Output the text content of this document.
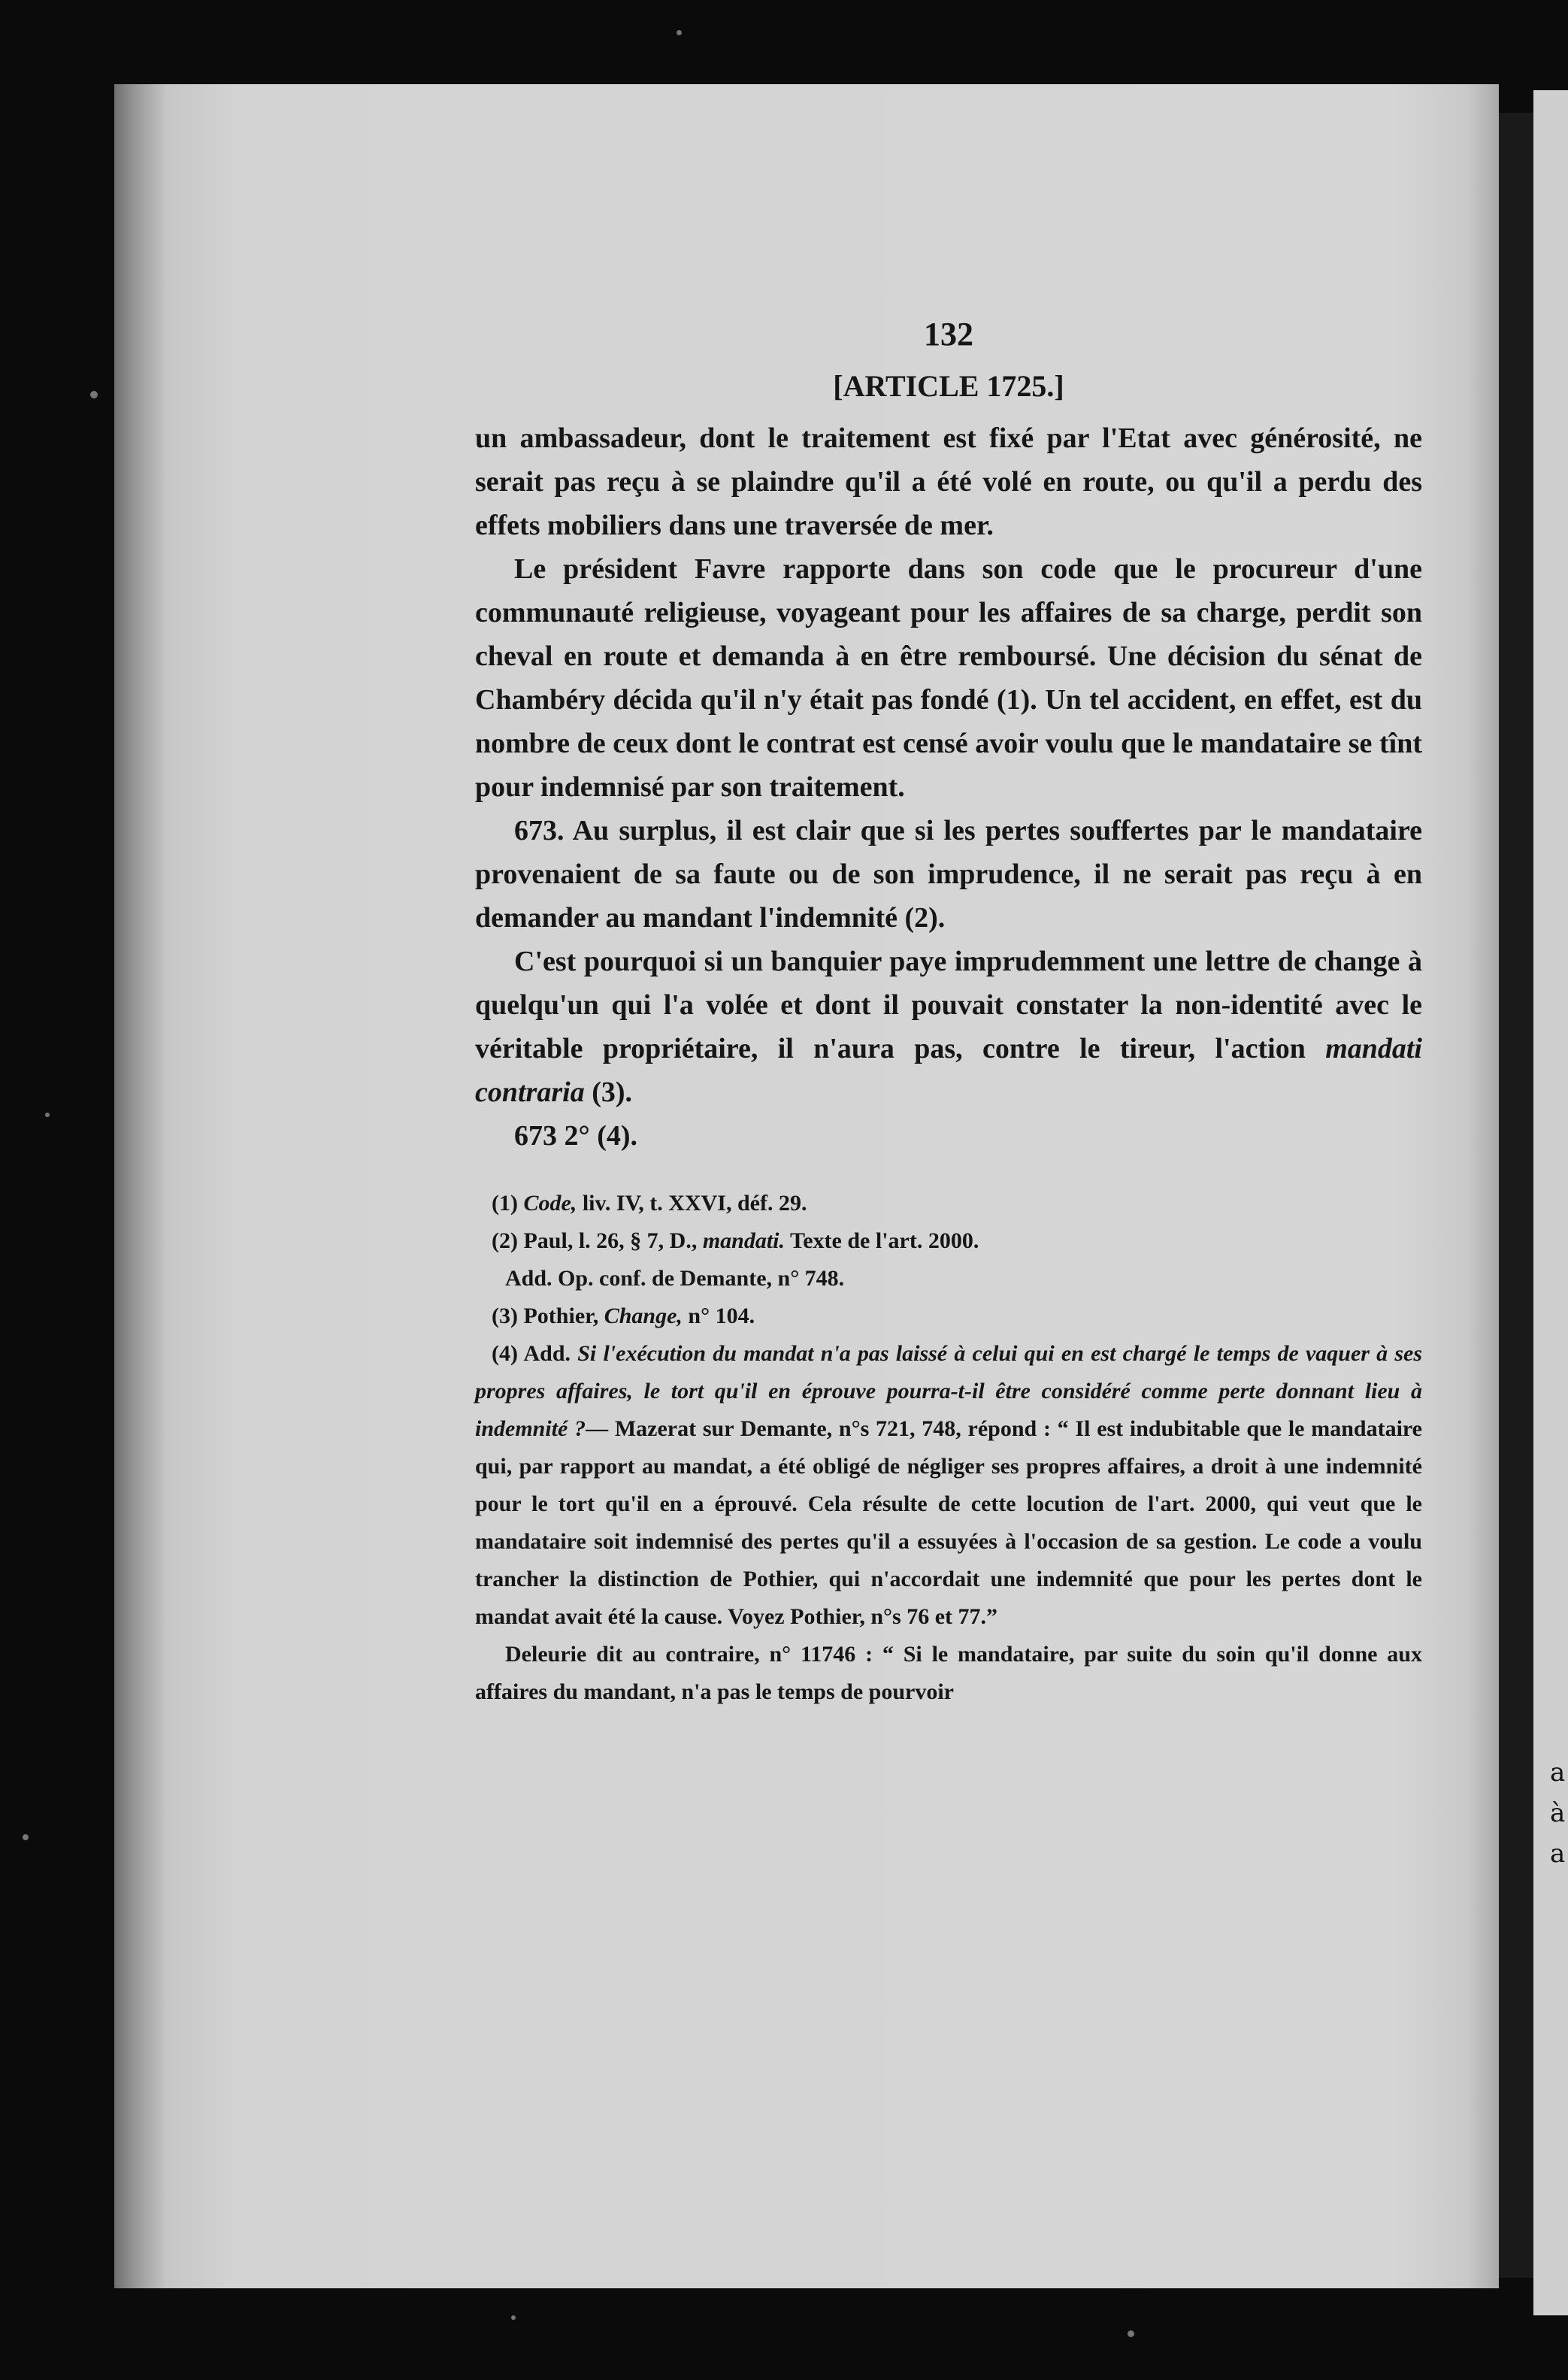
a
à
a
132
[ARTICLE 1725.]

un ambassadeur, dont le traitement est fixé par l'Etat avec générosité, ne serait pas reçu à se plaindre qu'il a été volé en route, ou qu'il a perdu des effets mobiliers dans une traversée de mer.

Le président Favre rapporte dans son code que le procureur d'une communauté religieuse, voyageant pour les affaires de sa charge, perdit son cheval en route et demanda à en être remboursé. Une décision du sénat de Chambéry décida qu'il n'y était pas fondé (1). Un tel accident, en effet, est du nombre de ceux dont le contrat est censé avoir voulu que le mandataire se tînt pour indemnisé par son traitement.

673. Au surplus, il est clair que si les pertes souffertes par le mandataire provenaient de sa faute ou de son imprudence, il ne serait pas reçu à en demander au mandant l'indemnité (2).

C'est pourquoi si un banquier paye imprudemment une lettre de change à quelqu'un qui l'a volée et dont il pouvait constater la non-identité avec le véritable propriétaire, il n'aura pas, contre le tireur, l'action mandati contraria (3).

673 2° (4).

(1) Code, liv. IV, t. XXVI, déf. 29.

(2) Paul, l. 26, § 7, D., mandati. Texte de l'art. 2000.

Add. Op. conf. de Demante, n° 748.

(3) Pothier, Change, n° 104.

(4) Add. Si l'exécution du mandat n'a pas laissé à celui qui en est chargé le temps de vaquer à ses propres affaires, le tort qu'il en éprouve pourra-t-il être considéré comme perte donnant lieu à indemnité ?— Mazerat sur Demante, n°s 721, 748, répond : “ Il est indubitable que le mandataire qui, par rapport au mandat, a été obligé de négliger ses propres affaires, a droit à une indemnité pour le tort qu'il en a éprouvé. Cela résulte de cette locution de l'art. 2000, qui veut que le mandataire soit indemnisé des pertes qu'il a essuyées à l'occasion de sa gestion. Le code a voulu trancher la distinction de Pothier, qui n'accordait une indemnité que pour les pertes dont le mandat avait été la cause. Voyez Pothier, n°s 76 et 77.”

Deleurie dit au contraire, n° 11746 : “ Si le mandataire, par suite du soin qu'il donne aux affaires du mandant, n'a pas le temps de pourvoir
